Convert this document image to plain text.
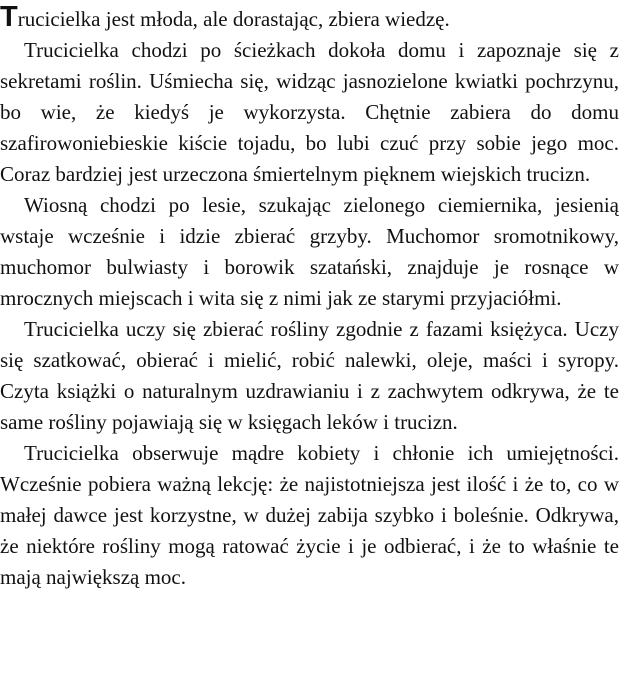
Trucicielka jest młoda, ale dorastając, zbiera wiedzę.

Trucicielka chodzi po ścieżkach dokoła domu i zapoznaje się z sekretami roślin. Uśmiecha się, widząc jasnozielone kwiatki pochrzynu, bo wie, że kiedyś je wykorzysta. Chętnie zabiera do domu szafirowoniebieskie kiście tojadu, bo lubi czuć przy sobie jego moc. Coraz bardziej jest urzeczona śmiertelnym pięknem wiejskich trucizn.

Wiosną chodzi po lesie, szukając zielonego ciemiernika, jesienią wstaje wcześnie i idzie zbierać grzyby. Muchomor sromotnikowy, muchomor bulwiasty i borowik szatański, znajduje je rosnące w mrocznych miejscach i wita się z nimi jak ze starymi przyjaciółmi.

Trucicielka uczy się zbierać rośliny zgodnie z fazami księżyca. Uczy się szatkować, obierać i mielić, robić nalewki, oleje, maści i syropy. Czyta książki o naturalnym uzdrawianiu i z zachwytem odkrywa, że te same rośliny pojawiają się w księgach leków i trucizn.

Trucicielka obserwuje mądre kobiety i chłonie ich umiejętności. Wcześnie pobiera ważną lekcję: że najistotniejsza jest ilość i że to, co w małej dawce jest korzystne, w dużej zabija szybko i boleśnie. Odkrywa, że niektóre rośliny mogą ratować życie i je odbierać, i że to właśnie te mają największą moc.
